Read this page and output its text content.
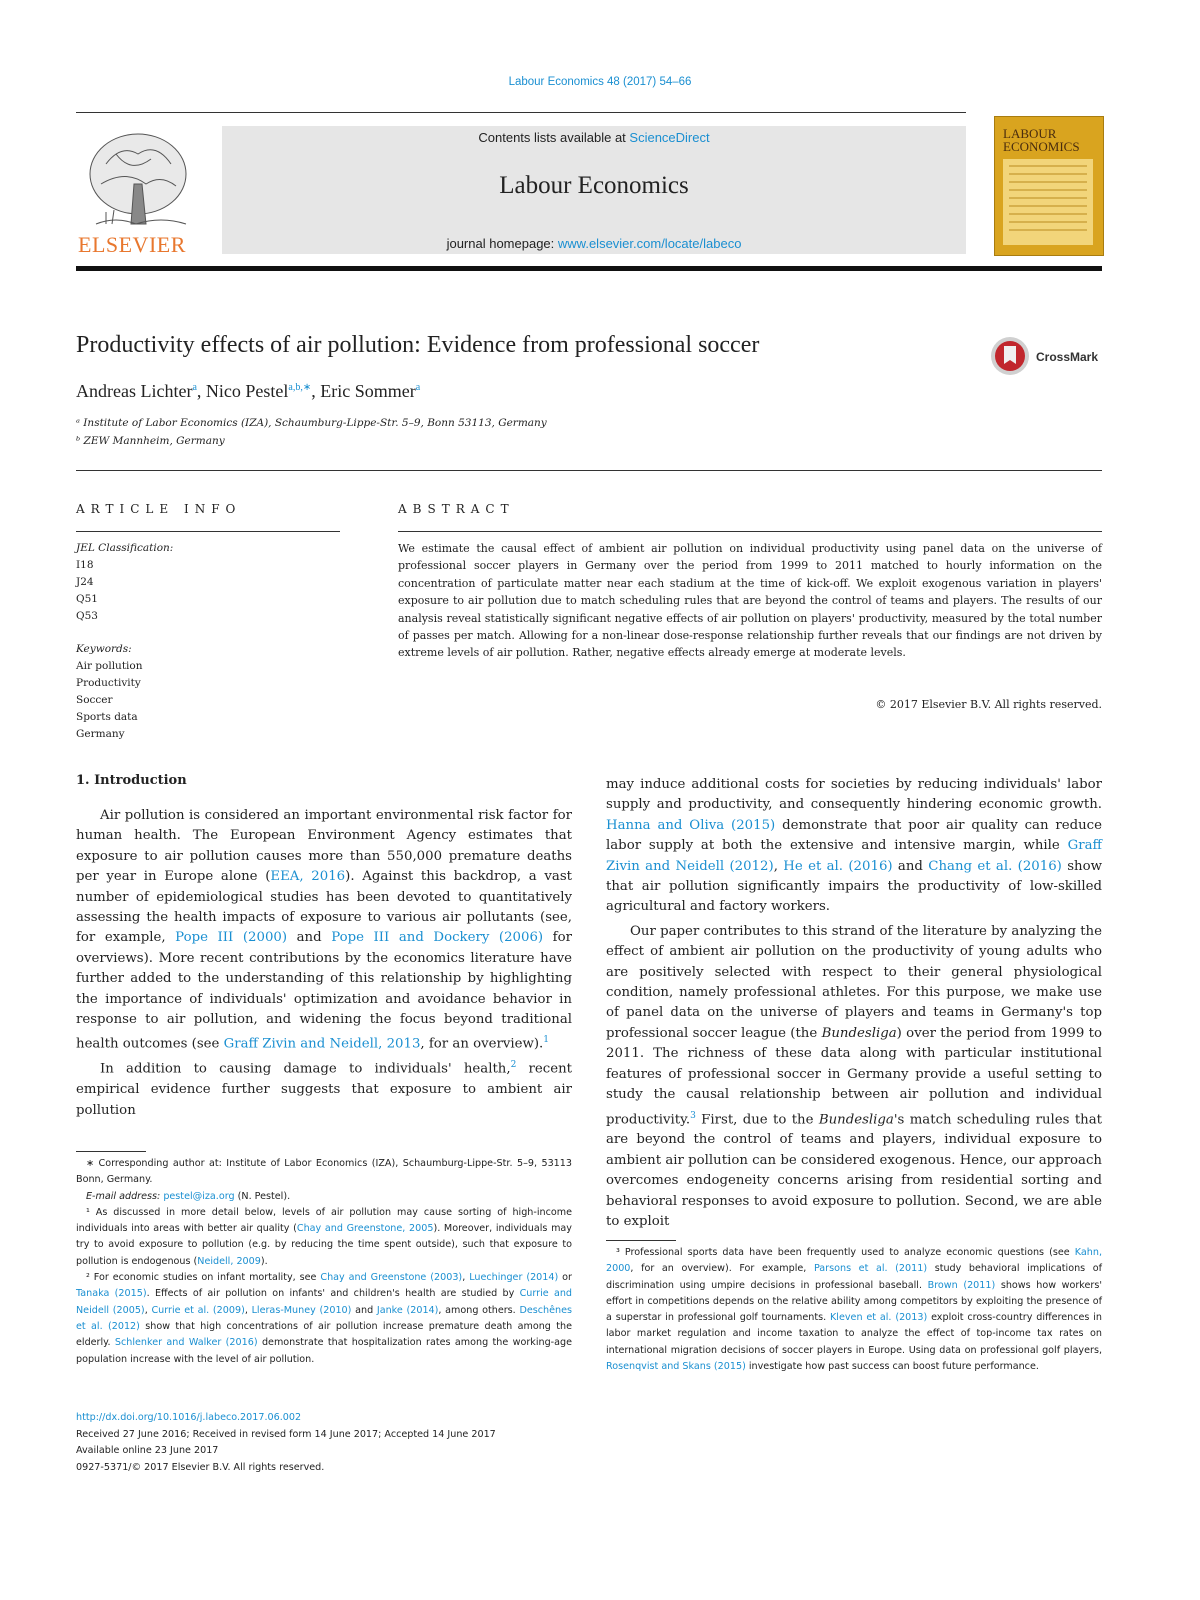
Labour Economics 48 (2017) 54–66
ELSEVIER
Contents lists available at ScienceDirect
Labour Economics
journal homepage: www.elsevier.com/locate/labeco
LABOUR ECONOMICS
Productivity effects of air pollution: Evidence from professional soccer	CrossMark
Andreas Lichter$^a$, Nico Pestel$^{a,b,∗}$, Eric Sommer$^a$
ᵃ Institute of Labor Economics (IZA), Schaumburg-Lippe-Str. 5–9, Bonn 53113, Germany
ᵇ ZEW Mannheim, Germany
ARTICLE INFO	ABSTRACT
JEL Classification:
I18
J24
Q51
Q53
Keywords:
Air pollution
Productivity
Soccer
Sports data
Germany
We estimate the causal effect of ambient air pollution on individual productivity using panel data on the universe of professional soccer players in Germany over the period from 1999 to 2011 matched to hourly information on the concentration of particulate matter near each stadium at the time of kick-off. We exploit exogenous variation in players' exposure to air pollution due to match scheduling rules that are beyond the control of teams and players. The results of our analysis reveal statistically significant negative effects of air pollution on players' productivity, measured by the total number of passes per match. Allowing for a non-linear dose-response relationship further reveals that our findings are not driven by extreme levels of air pollution. Rather, negative effects already emerge at moderate levels.
© 2017 Elsevier B.V. All rights reserved.
1. Introduction

Air pollution is considered an important environmental risk factor for human health. The European Environment Agency estimates that exposure to air pollution causes more than 550,000 premature deaths per year in Europe alone (EEA, 2016). Against this backdrop, a vast number of epidemiological studies has been devoted to quantitatively assessing the health impacts of exposure to various air pollutants (see, for example, Pope III (2000) and Pope III and Dockery (2006) for overviews). More recent contributions by the economics literature have further added to the understanding of this relationship by highlighting the importance of individuals' optimization and avoidance behavior in response to air pollution, and widening the focus beyond traditional health outcomes (see Graff Zivin and Neidell, 2013, for an overview).$^1$

In addition to causing damage to individuals' health,$^2$ recent empirical evidence further suggests that exposure to ambient air pollution

may induce additional costs for societies by reducing individuals' labor supply and productivity, and consequently hindering economic growth. Hanna and Oliva (2015) demonstrate that poor air quality can reduce labor supply at both the extensive and intensive margin, while Graff Zivin and Neidell (2012), He et al. (2016) and Chang et al. (2016) show that air pollution significantly impairs the productivity of low-skilled agricultural and factory workers.

Our paper contributes to this strand of the literature by analyzing the effect of ambient air pollution on the productivity of young adults who are positively selected with respect to their general physiological condition, namely professional athletes. For this purpose, we make use of panel data on the universe of players and teams in Germany's top professional soccer league (the Bundesliga) over the period from 1999 to 2011. The richness of these data along with particular institutional features of professional soccer in Germany provide a useful setting to study the causal relationship between air pollution and individual productivity.$^3$ First, due to the Bundesliga's match scheduling rules that are beyond the control of teams and players, individual exposure to ambient air pollution can be considered exogenous. Hence, our approach overcomes endogeneity concerns arising from residential sorting and behavioral responses to avoid exposure to pollution. Second, we are able to exploit

∗ Corresponding author at: Institute of Labor Economics (IZA), Schaumburg-Lippe-Str. 5–9, 53113 Bonn, Germany.

E-mail address: pestel@iza.org (N. Pestel).

¹ As discussed in more detail below, levels of air pollution may cause sorting of high-income individuals into areas with better air quality (Chay and Greenstone, 2005). Moreover, individuals may try to avoid exposure to pollution (e.g. by reducing the time spent outside), such that exposure to pollution is endogenous (Neidell, 2009).

² For economic studies on infant mortality, see Chay and Greenstone (2003), Luechinger (2014) or Tanaka (2015). Effects of air pollution on infants' and children's health are studied by Currie and Neidell (2005), Currie et al. (2009), Lleras-Muney (2010) and Janke (2014), among others. Deschênes et al. (2012) show that high concentrations of air pollution increase premature death among the elderly. Schlenker and Walker (2016) demonstrate that hospitalization rates among the working-age population increase with the level of air pollution.

³ Professional sports data have been frequently used to analyze economic questions (see Kahn, 2000, for an overview). For example, Parsons et al. (2011) study behavioral implications of discrimination using umpire decisions in professional baseball. Brown (2011) shows how workers' effort in competitions depends on the relative ability among competitors by exploiting the presence of a superstar in professional golf tournaments. Kleven et al. (2013) exploit cross-country differences in labor market regulation and income taxation to analyze the effect of top-income tax rates on international migration decisions of soccer players in Europe. Using data on professional golf players, Rosenqvist and Skans (2015) investigate how past success can boost future performance.

http://dx.doi.org/10.1016/j.labeco.2017.06.002
Received 27 June 2016; Received in revised form 14 June 2017; Accepted 14 June 2017
Available online 23 June 2017
0927-5371/© 2017 Elsevier B.V. All rights reserved.
